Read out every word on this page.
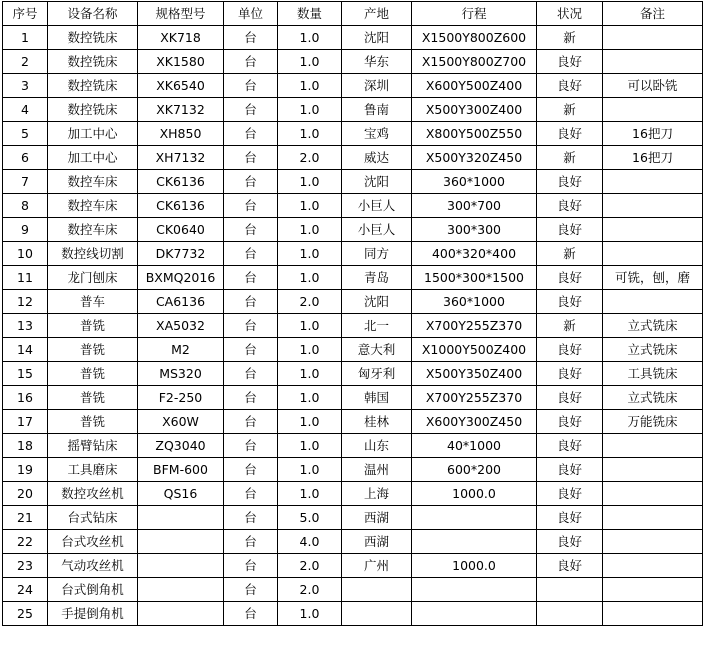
序号	设备名称	规格型号	单位	数量	产地	行程	状况	备注
1	数控铣床	XK718	台	1.0	沈阳	X1500Y800Z600	新	
2	数控铣床	XK1580	台	1.0	华东	X1500Y800Z700	良好	
3	数控铣床	XK6540	台	1.0	深圳	X600Y500Z400	良好	可以卧铣
4	数控铣床	XK7132	台	1.0	鲁南	X500Y300Z400	新	
5	加工中心	XH850	台	1.0	宝鸡	X800Y500Z550	良好	16把刀
6	加工中心	XH7132	台	2.0	威达	X500Y320Z450	新	16把刀
7	数控车床	CK6136	台	1.0	沈阳	360*1000	良好	
8	数控车床	CK6136	台	1.0	小巨人	300*700	良好	
9	数控车床	CK0640	台	1.0	小巨人	300*300	良好	
10	数控线切割	DK7732	台	1.0	同方	400*320*400	新	
11	龙门刨床	BXMQ2016	台	1.0	青岛	1500*300*1500	良好	可铣，刨，磨
12	普车	CA6136	台	2.0	沈阳	360*1000	良好	
13	普铣	XA5032	台	1.0	北一	X700Y255Z370	新	立式铣床
14	普铣	M2	台	1.0	意大利	X1000Y500Z400	良好	立式铣床
15	普铣	MS320	台	1.0	匈牙利	X500Y350Z400	良好	工具铣床
16	普铣	F2-250	台	1.0	韩国	X700Y255Z370	良好	立式铣床
17	普铣	X60W	台	1.0	桂林	X600Y300Z450	良好	万能铣床
18	摇臂钻床	ZQ3040	台	1.0	山东	40*1000	良好	
19	工具磨床	BFM-600	台	1.0	温州	600*200	良好	
20	数控攻丝机	QS16	台	1.0	上海	1000.0	良好	
21	台式钻床		台	5.0	西湖		良好	
22	台式攻丝机		台	4.0	西湖		良好	
23	气动攻丝机		台	2.0	广州	1000.0	良好	
24	台式倒角机		台	2.0				
25	手提倒角机		台	1.0				
